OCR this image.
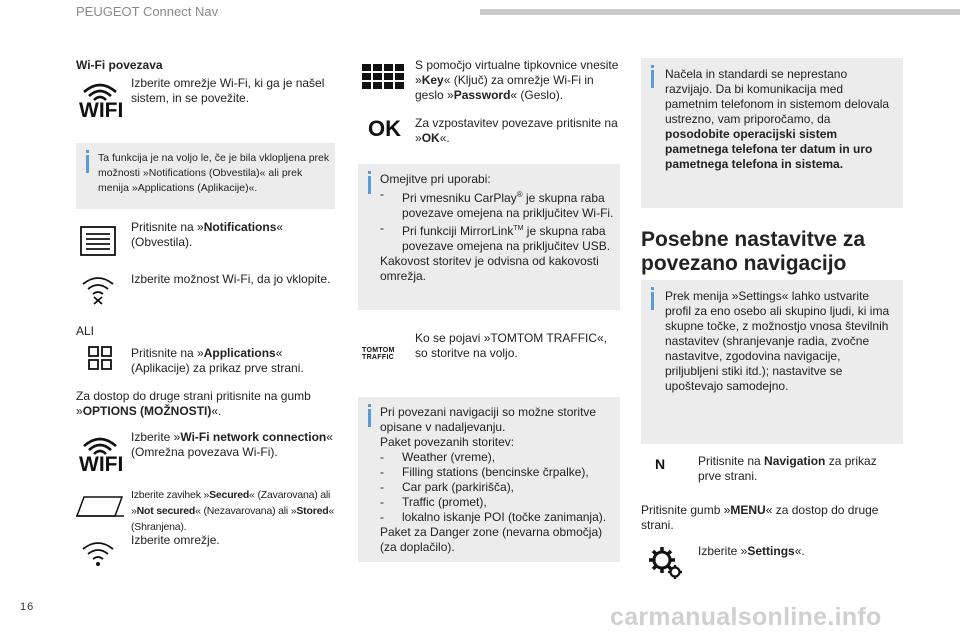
PEUGEOT Connect Nav
Wi-Fi povezava
WIFI
Izberite omrežje Wi-Fi, ki ga je našel sistem, in se povežite.
Ta funkcija je na voljo le, če je bila vklopljena prek možnosti »Notifications (Obvestila)« ali prek menija »Applications (Aplikacije)«.
Pritisnite na »Notifications« (Obvestila).
Izberite možnost Wi-Fi, da jo vklopite.
ALI
Pritisnite na »Applications« (Aplikacije) za prikaz prve strani.
Za dostop do druge strani pritisnite na gumb »OPTIONS (MOŽNOSTI)«.
WIFI
Izberite »Wi-Fi network connection« (Omrežna povezava Wi-Fi).
Izberite zavihek »Secured« (Zavarovana) ali »Not secured« (Nezavarovana) ali »Stored« (Shranjena).
Izberite omrežje.
S pomočjo virtualne tipkovnice vnesite »Key« (Ključ) za omrežje Wi-Fi in geslo »Password« (Geslo).
OK Za vzpostavitev povezave pritisnite na »OK«.
Omejitve pri uporabi:
- Pri vmesniku CarPlay® je skupna raba povezave omejena na priključitev Wi-Fi.
- Pri funkciji MirrorLink™ je skupna raba povezave omejena na priključitev USB.
Kakovost storitev je odvisna od kakovosti omrežja.
TOMTOM
TRAFFIC
Ko se pojavi »TOMTOM TRAFFIC«, so storitve na voljo.
Pri povezani navigaciji so možne storitve opisane v nadaljevanju.
Paket povezanih storitev:
- Weather (vreme),
- Filling stations (bencinske črpalke),
- Car park (parkirišča),
- Traffic (promet),
- lokalno iskanje POI (točke zanimanja).
Paket za Danger zone (nevarna območja) (za doplačilo).
Načela in standardi se neprestano razvijajo. Da bi komunikacija med pametnim telefonom in sistemom delovala ustrezno, vam priporočamo, da posodobite operacijski sistem pametnega telefona ter datum in uro pametnega telefona in sistema.
Posebne nastavitve za
povezano navigacijo
Prek menija »Settings« lahko ustvarite profil za eno osebo ali skupino ljudi, ki ima skupne točke, z možnostjo vnosa številnih nastavitev (shranjevanje radia, zvočne nastavitve, zgodovina navigacije, priljubljeni stiki itd.); nastavitve se upoštevajo samodejno.
N	Pritisnite na Navigation za prikaz prve strani.
Pritisnite gumb »MENU« za dostop do druge strani.
Izberite »Settings«.
16	carmanualsonline.info
